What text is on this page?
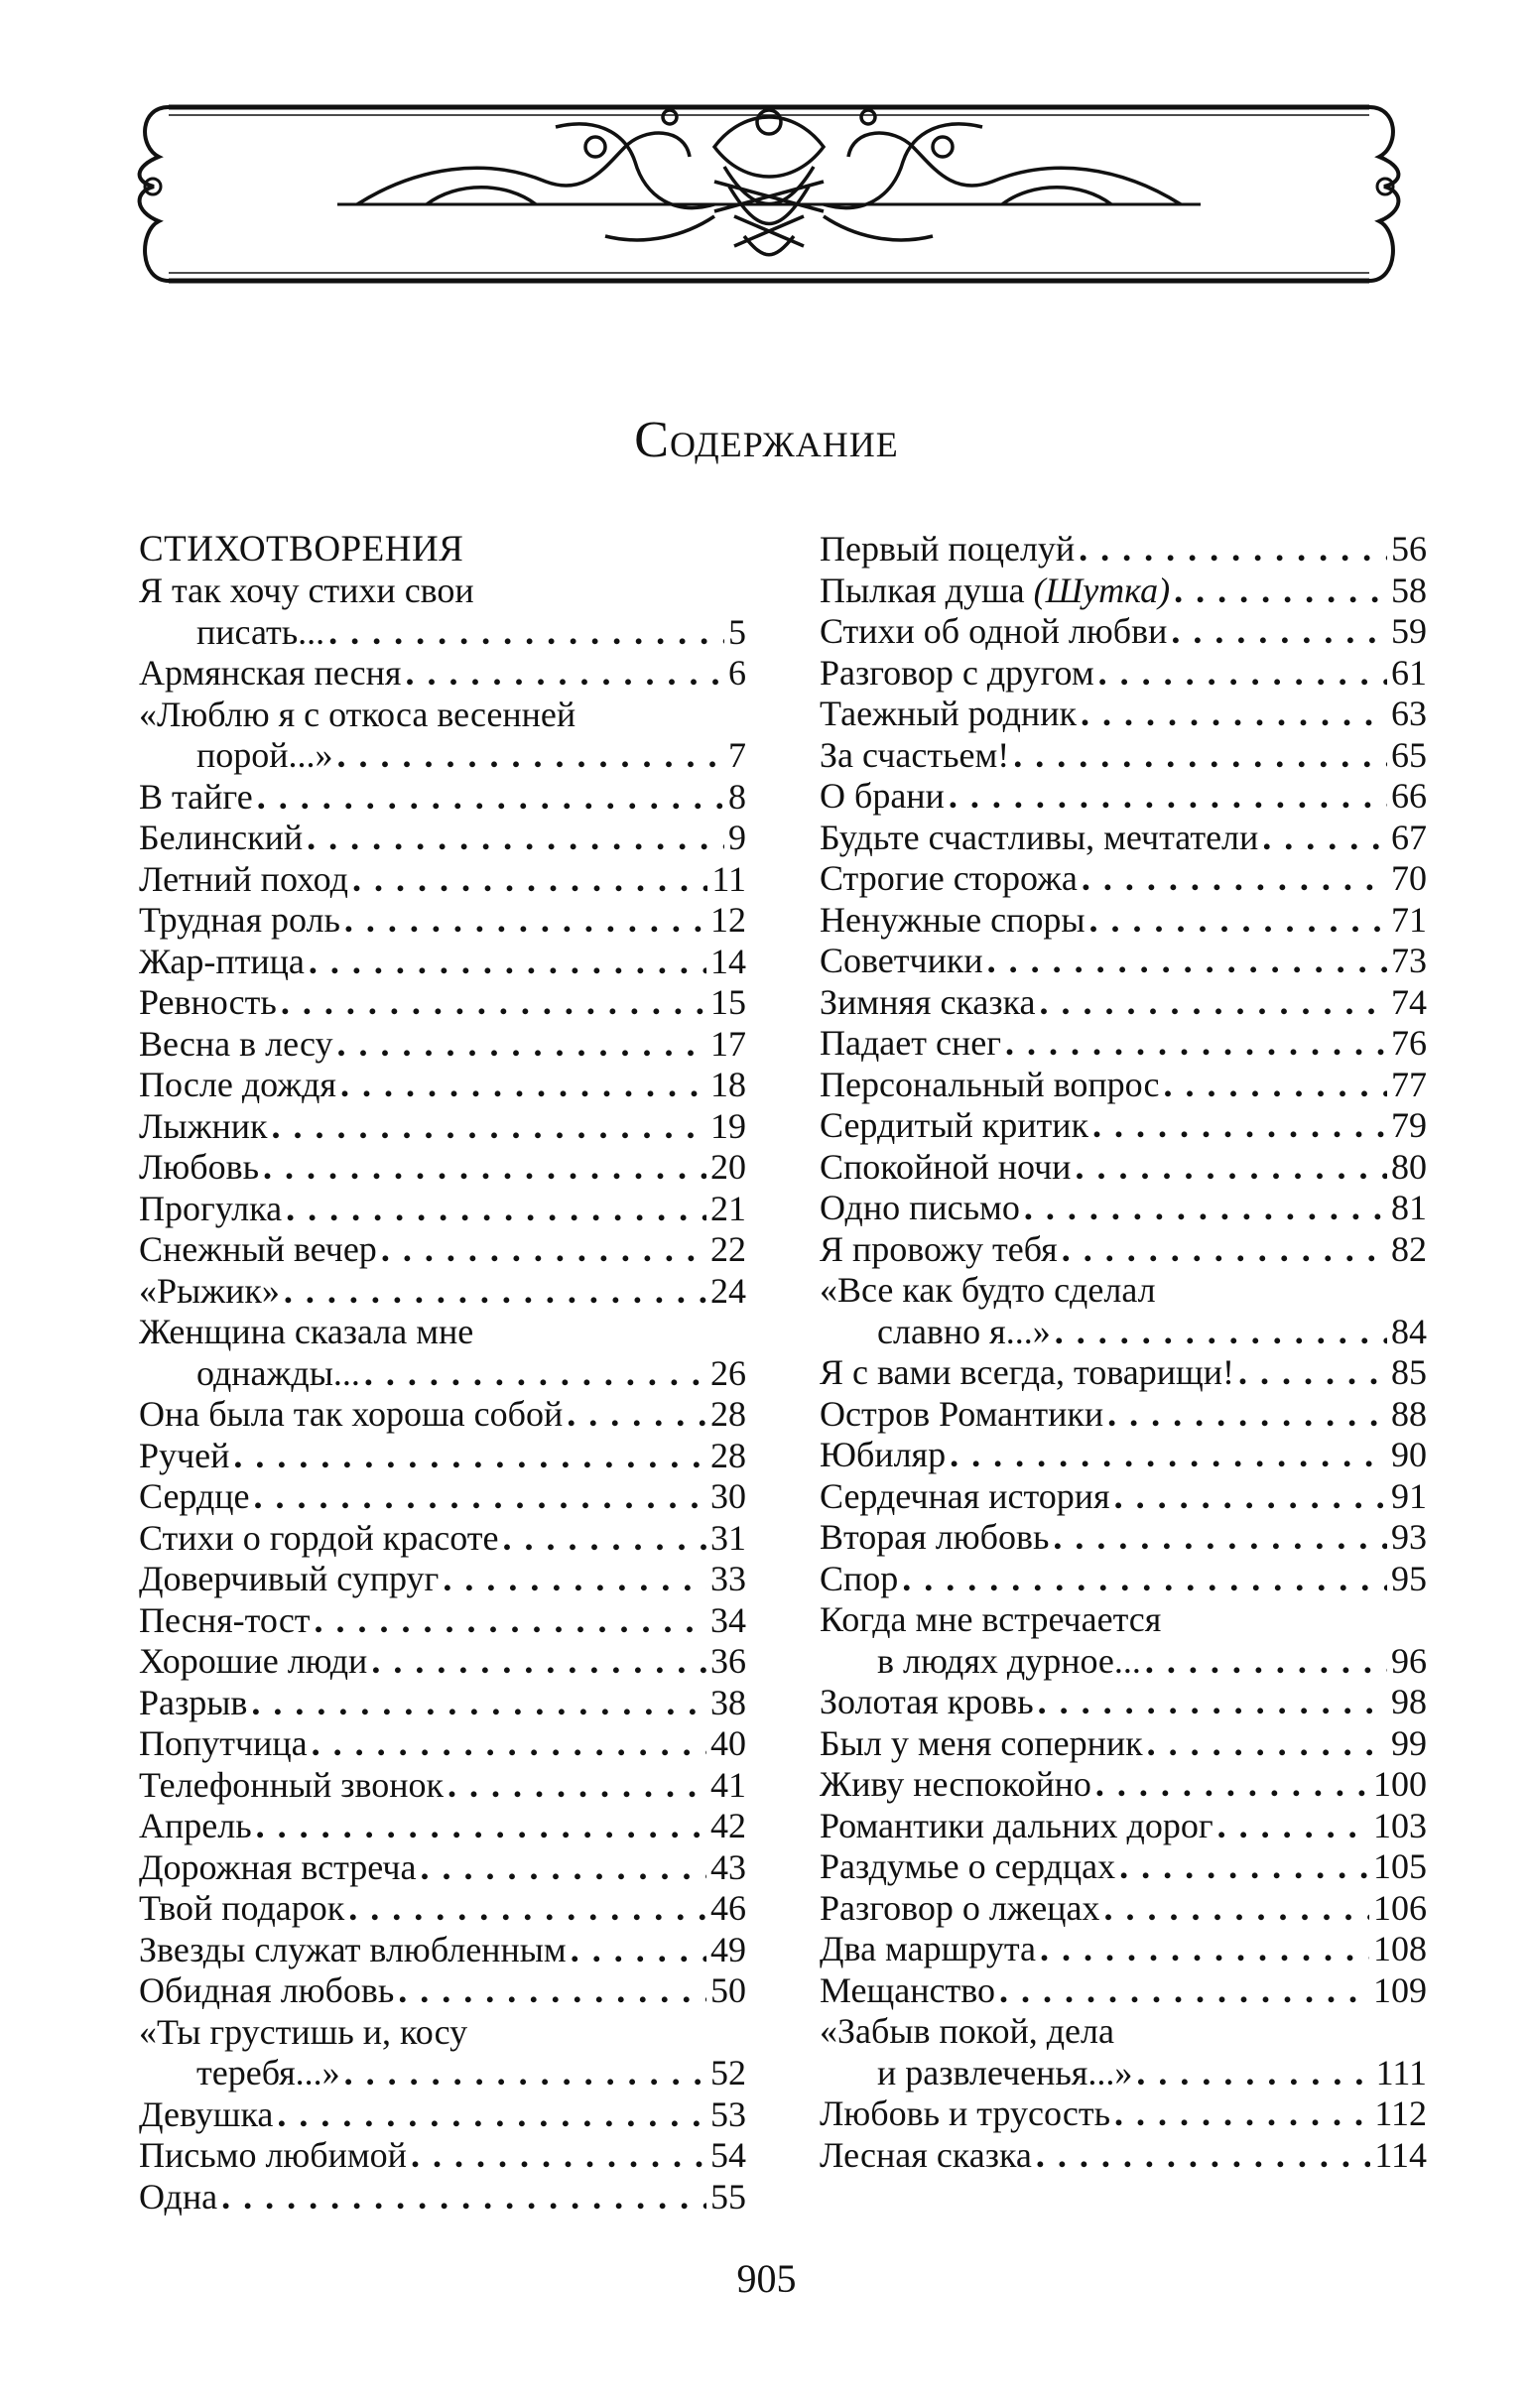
Содержание
СТИХОТВОРЕНИЯ
Я так хочу стихи свои
писать... . . .	5
Армянская песня . . .	6
«Люблю я с откоса весенней
порой...» . . .	7
В тайге . . .	8
Белинский . . .	9
Летний поход . . .	11
Трудная роль . . .	12
Жар-птица . . .	14
Ревность . . .	15
Весна в лесу . . .	17
После дождя . . .	18
Лыжник . . .	19
Любовь . . .	20
Прогулка . . .	21
Снежный вечер . . .	22
«Рыжик» . . .	24
Женщина сказала мне
однажды... . . .	26
Она была так хороша собой . . .	28
Ручей . . .	28
Сердце . . .	30
Стихи о гордой красоте . . .	31
Доверчивый супруг . . .	33
Песня-тост . . .	34
Хорошие люди . . .	36
Разрыв . . .	38
Попутчица . . .	40
Телефонный звонок . . .	41
Апрель . . .	42
Дорожная встреча . . .	43
Твой подарок . . .	46
Звезды служат влюбленным . . .	49
Обидная любовь . . .	50
«Ты грустишь и, косу
теребя...» . . .	52
Девушка . . .	53
Письмо любимой . . .	54
Одна . . .	55
Первый поцелуй . . .	56
Пылкая душа (Шутка) . . .	58
Стихи об одной любви . . .	59
Разговор с другом . . .	61
Таежный родник . . .	63
За счастьем! . . .	65
О брани . . .	66
Будьте счастливы, мечтатели . . .	67
Строгие сторожа . . .	70
Ненужные споры . . .	71
Советчики . . .	73
Зимняя сказка . . .	74
Падает снег . . .	76
Персональный вопрос . . .	77
Сердитый критик . . .	79
Спокойной ночи . . .	80
Одно письмо . . .	81
Я провожу тебя . . .	82
«Все как будто сделал
славно я...» . . .	84
Я с вами всегда, товарищи! . . .	85
Остров Романтики . . .	88
Юбиляр . . .	90
Сердечная история . . .	91
Вторая любовь . . .	93
Спор . . .	95
Когда мне встречается
в людях дурное... . . .	96
Золотая кровь . . .	98
Был у меня соперник . . .	99
Живу неспокойно . . .	100
Романтики дальних дорог . . .	103
Раздумье о сердцах . . .	105
Разговор о лжецах . . .	106
Два маршрута . . .	108
Мещанство . . .	109
«Забыв покой, дела
и развлеченья...» . . .	111
Любовь и трусость . . .	112
Лесная сказка . . .	114
905
